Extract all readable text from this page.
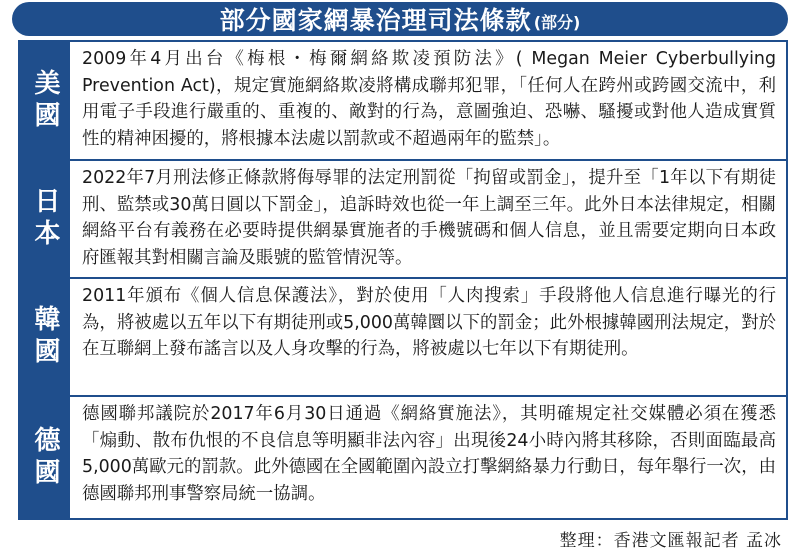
部分國家網暴治理司法條款 (部分)
美國
2009年4月出台《梅根・梅爾網絡欺凌預防法》( Megan Meier Cyberbullying Prevention Act)，規定實施網絡欺凌將構成聯邦犯罪，「任何人在跨州或跨國交流中，利用電子手段進行嚴重的、重複的、敵對的行為，意圖強迫、恐嚇、騷擾或對他人造成實質性的精神困擾的，將根據本法處以罰款或不超過兩年的監禁」。
日本
2022年7月刑法修正條款將侮辱罪的法定刑罰從「拘留或罰金」，提升至「1年以下有期徒刑、監禁或30萬日圓以下罰金」，追訴時效也從一年上調至三年。此外日本法律規定，相關網絡平台有義務在必要時提供網暴實施者的手機號碼和個人信息，並且需要定期向日本政府匯報其對相關言論及賬號的監管情況等。
韓國
2011年頒布《個人信息保護法》，對於使用「人肉搜索」手段將他人信息進行曝光的行為，將被處以五年以下有期徒刑或5,000萬韓圜以下的罰金；此外根據韓國刑法規定，對於在互聯網上發布謠言以及人身攻擊的行為，將被處以七年以下有期徒刑。
德國
德國聯邦議院於2017年6月30日通過《網絡實施法》，其明確規定社交媒體必須在獲悉「煽動、散布仇恨的不良信息等明顯非法內容」出現後24小時內將其移除，否則面臨最高5,000萬歐元的罰款。此外德國在全國範圍內設立打擊網絡暴力行動日，每年舉行一次，由德國聯邦刑事警察局統一協調。
整理：香港文匯報記者 孟冰
